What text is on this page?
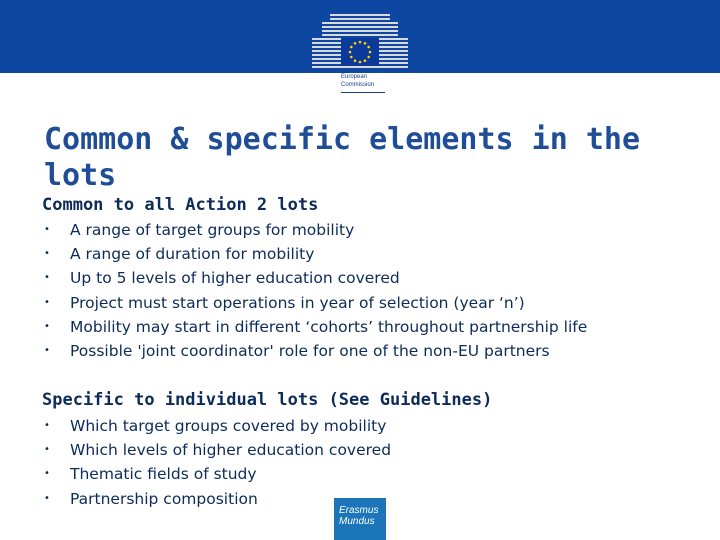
European
Commission
Common & specific elements in the lots
Common to all Action 2 lots
• A range of target groups for mobility
• A range of duration for mobility
• Up to 5 levels of higher education covered
• Project must start operations in year of selection (year ‘n’)
• Mobility may start in different ‘cohorts’ throughout partnership life
• Possible 'joint coordinator' role for one of the non-EU partners
Specific to individual lots (See Guidelines)
• Which target groups covered by mobility
• Which levels of higher education covered
• Thematic fields of study
• Partnership composition
Erasmus
Mundus
